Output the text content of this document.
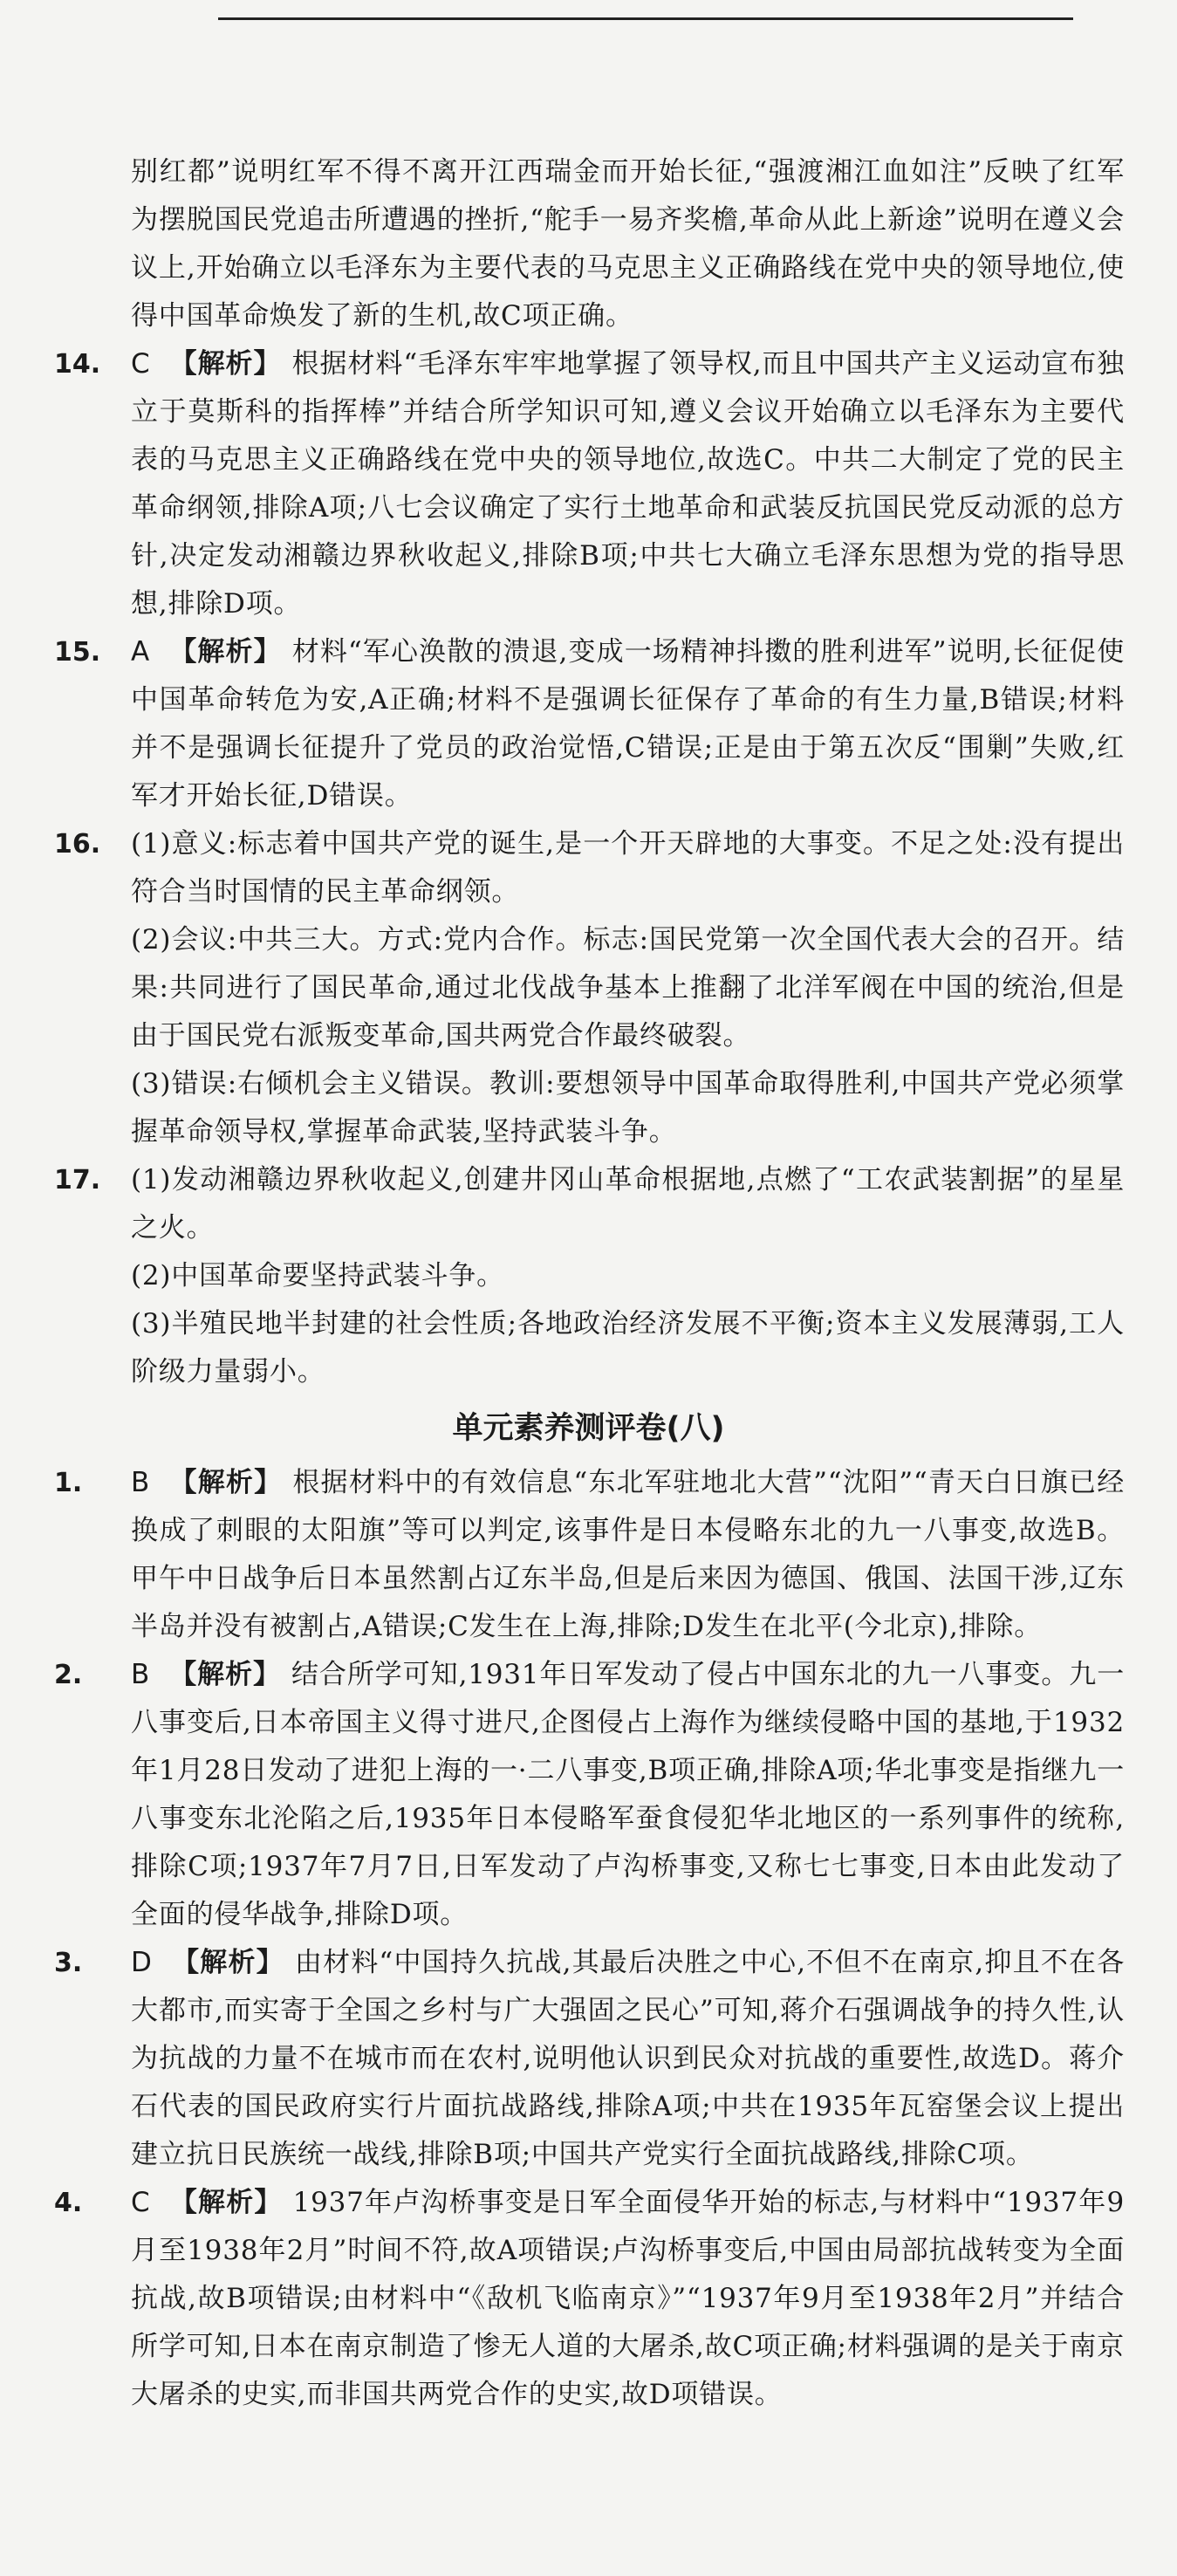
别红都”说明红军不得不离开江西瑞金而开始长征,“强渡湘江血如注”反映了红军为摆脱国民党追击所遭遇的挫折,“舵手一易齐奖檐,革命从此上新途”说明在遵义会议上,开始确立以毛泽东为主要代表的马克思主义正确路线在党中央的领导地位,使得中国革命焕发了新的生机,故C项正确。

14. C 【解析】 根据材料“毛泽东牢牢地掌握了领导权,而且中国共产主义运动宣布独立于莫斯科的指挥棒”并结合所学知识可知,遵义会议开始确立以毛泽东为主要代表的马克思主义正确路线在党中央的领导地位,故选C。中共二大制定了党的民主革命纲领,排除A项;八七会议确定了实行土地革命和武装反抗国民党反动派的总方针,决定发动湘赣边界秋收起义,排除B项;中共七大确立毛泽东思想为党的指导思想,排除D项。

15. A 【解析】 材料“军心涣散的溃退,变成一场精神抖擞的胜利进军”说明,长征促使中国革命转危为安,A正确;材料不是强调长征保存了革命的有生力量,B错误;材料并不是强调长征提升了党员的政治觉悟,C错误;正是由于第五次反“围剿”失败,红军才开始长征,D错误。

16. (1)意义:标志着中国共产党的诞生,是一个开天辟地的大事变。不足之处:没有提出符合当时国情的民主革命纲领。

(2)会议:中共三大。方式:党内合作。标志:国民党第一次全国代表大会的召开。结果:共同进行了国民革命,通过北伐战争基本上推翻了北洋军阀在中国的统治,但是由于国民党右派叛变革命,国共两党合作最终破裂。

(3)错误:右倾机会主义错误。教训:要想领导中国革命取得胜利,中国共产党必须掌握革命领导权,掌握革命武装,坚持武装斗争。

17. (1)发动湘赣边界秋收起义,创建井冈山革命根据地,点燃了“工农武装割据”的星星之火。

(2)中国革命要坚持武装斗争。

(3)半殖民地半封建的社会性质;各地政治经济发展不平衡;资本主义发展薄弱,工人阶级力量弱小。

单元素养测评卷(八)
1. B 【解析】 根据材料中的有效信息“东北军驻地北大营”“沈阳”“青天白日旗已经换成了刺眼的太阳旗”等可以判定,该事件是日本侵略东北的九一八事变,故选B。甲午中日战争后日本虽然割占辽东半岛,但是后来因为德国、俄国、法国干涉,辽东半岛并没有被割占,A错误;C发生在上海,排除;D发生在北平(今北京),排除。

2. B 【解析】 结合所学可知,1931年日军发动了侵占中国东北的九一八事变。九一八事变后,日本帝国主义得寸进尺,企图侵占上海作为继续侵略中国的基地,于1932年1月28日发动了进犯上海的一·二八事变,B项正确,排除A项;华北事变是指继九一八事变东北沦陷之后,1935年日本侵略军蚕食侵犯华北地区的一系列事件的统称,排除C项;1937年7月7日,日军发动了卢沟桥事变,又称七七事变,日本由此发动了全面的侵华战争,排除D项。

3. D 【解析】 由材料“中国持久抗战,其最后决胜之中心,不但不在南京,抑且不在各大都市,而实寄于全国之乡村与广大强固之民心”可知,蒋介石强调战争的持久性,认为抗战的力量不在城市而在农村,说明他认识到民众对抗战的重要性,故选D。蒋介石代表的国民政府实行片面抗战路线,排除A项;中共在1935年瓦窑堡会议上提出建立抗日民族统一战线,排除B项;中国共产党实行全面抗战路线,排除C项。

4. C 【解析】 1937年卢沟桥事变是日军全面侵华开始的标志,与材料中“1937年9月至1938年2月”时间不符,故A项错误;卢沟桥事变后,中国由局部抗战转变为全面抗战,故B项错误;由材料中“《敌机飞临南京》”“1937年9月至1938年2月”并结合所学可知,日本在南京制造了惨无人道的大屠杀,故C项正确;材料强调的是关于南京大屠杀的史实,而非国共两党合作的史实,故D项错误。
